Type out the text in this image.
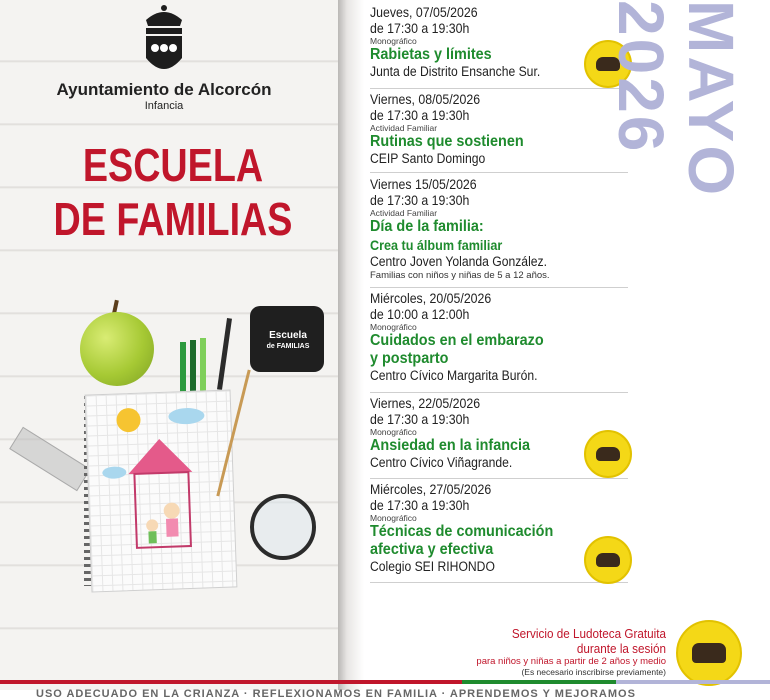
Ayuntamiento de Alcorcón
Infancia
ESCUELA
DE FAMILIAS
Escuela
de FAMILIAS
Jueves, 07/05/2026
de 17:30 a 19:30h
Monográfico
Rabietas y límites
Junta de Distrito Ensanche Sur.
Viernes, 08/05/2026
de 17:30 a 19:30h
Actividad Familiar
Rutinas que sostienen
CEIP Santo Domingo
Viernes 15/05/2026
de 17:30 a 19:30h
Actividad Familiar
Día de la familia:
Crea tu álbum familiar
Centro Joven Yolanda González.
Familias con niños y niñas de 5 a 12 años.
Miércoles, 20/05/2026
de 10:00 a 12:00h
Monográfico
Cuidados en el embarazo
y postparto
Centro Cívico Margarita Burón.
Viernes, 22/05/2026
de 17:30 a 19:30h
Monográfico
Ansiedad en la infancia
Centro Cívico Viñagrande.
Miércoles, 27/05/2026
de 17:30 a 19:30h
Monográfico
Técnicas de comunicación
afectiva y efectiva
Colegio SEI RIHONDO
MAYO 2026
Servicio de Ludoteca Gratuita
durante la sesión
para niños y niñas a partir de 2 años y medio
(Es necesario inscribirse previamente)
USO ADECUADO EN LA CRIANZA · REFLEXIONAMOS EN FAMILIA · APRENDEMOS Y MEJORAMOS
